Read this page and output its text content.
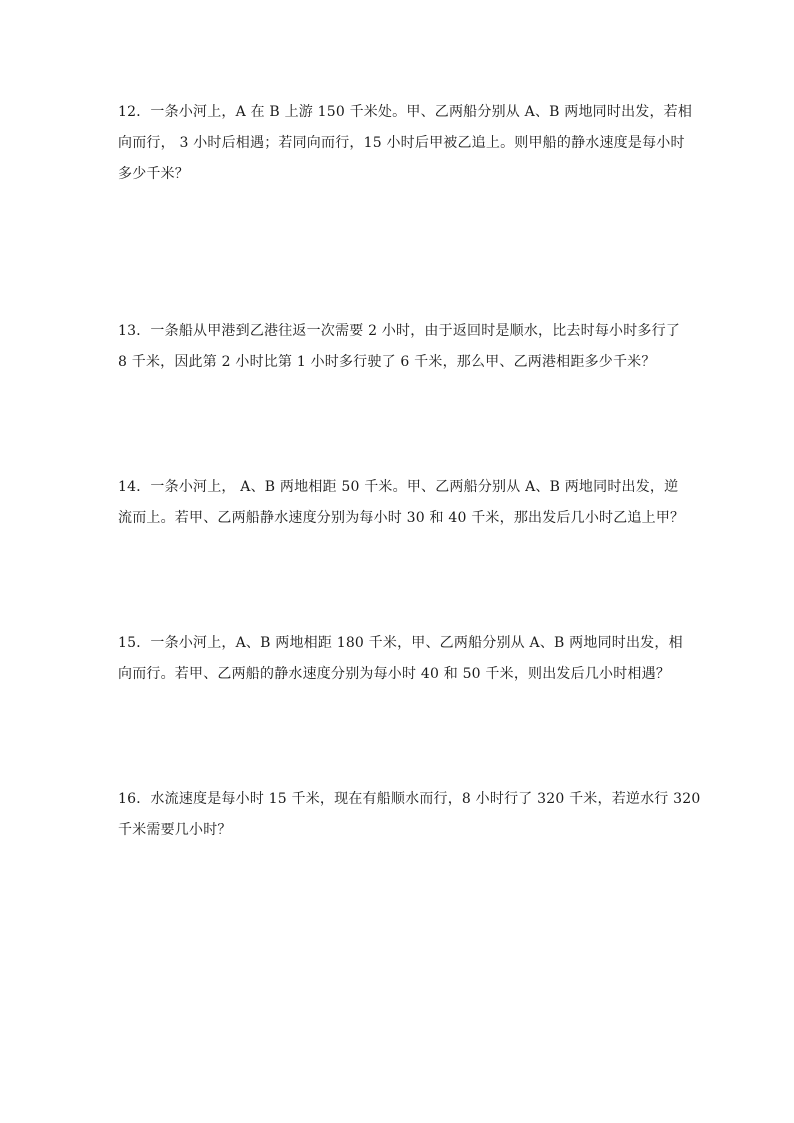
12．一条小河上，A 在 B 上游 150 千米处。甲、乙两船分别从 A、B 两地同时出发，若相
向而行， 3 小时后相遇；若同向而行，15 小时后甲被乙追上。则甲船的静水速度是每小时
多少千米？
13．一条船从甲港到乙港往返一次需要 2 小时，由于返回时是顺水，比去时每小时多行了
8 千米，因此第 2 小时比第 1 小时多行驶了 6 千米，那么甲、乙两港相距多少千米？
14．一条小河上， A、B 两地相距 50 千米。甲、乙两船分别从 A、B 两地同时出发，逆
流而上。若甲、乙两船静水速度分别为每小时 30 和 40 千米，那出发后几小时乙追上甲？
15．一条小河上，A、B 两地相距 180 千米，甲、乙两船分别从 A、B 两地同时出发，相
向而行。若甲、乙两船的静水速度分别为每小时 40 和 50 千米，则出发后几小时相遇？
16．水流速度是每小时 15 千米，现在有船顺水而行，8 小时行了 320 千米，若逆水行 320
千米需要几小时？
